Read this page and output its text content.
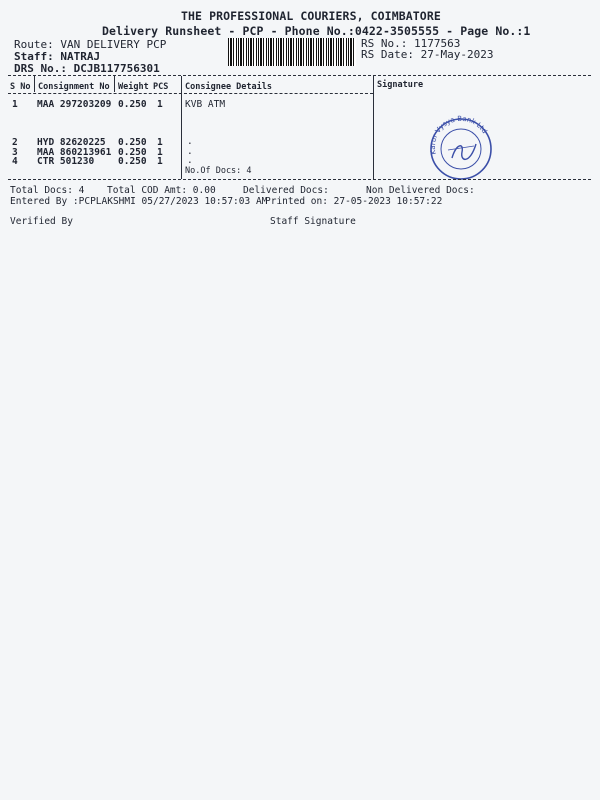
THE PROFESSIONAL COURIERS, COIMBATORE
Delivery Runsheet - PCP - Phone No.:0422-3505555 - Page No.:1
Route: VAN DELIVERY PCP
Staff: NATRAJ
DRS No.: DCJB117756301
RS No.: 1177563
RS Date: 27-May-2023
S No Consignment No Weight PCS Consignee Details	Signature
1 MAA 297203209 0.250 1 KVB ATM
2 HYD 82620225 0.250 1	.
3 MAA 860213961 0.250 1	.
4 CTR 501230	0.250 1	.
No.Of Docs: 4
Karur Vysya Bank Ltd
Total Docs: 4 Total COD Amt: 0.00	Delivered Docs:	Non Delivered Docs:
Entered By :PCPLAKSHMI 05/27/2023 10:57:03 AM
Printed on: 27-05-2023 10:57:22
Verified By	Staff Signature
